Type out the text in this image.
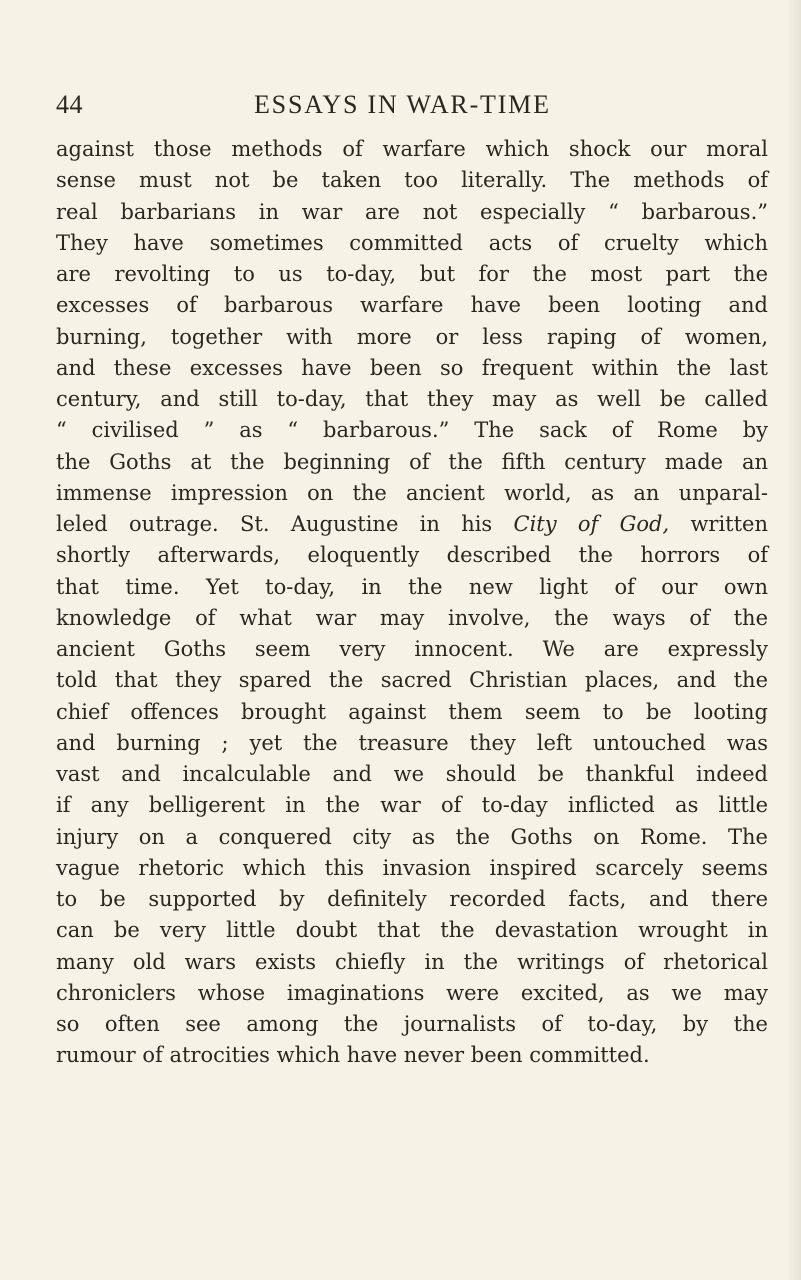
44	ESSAYS IN WAR-TIME
against those methods of warfare which shock our moral
sense must not be taken too literally. The methods of
real barbarians in war are not especially “ barbarous.”
They have sometimes committed acts of cruelty which
are revolting to us to-day, but for the most part the
excesses of barbarous warfare have been looting and
burning, together with more or less raping of women,
and these excesses have been so frequent within the last
century, and still to-day, that they may as well be called
“ civilised ” as “ barbarous.” The sack of Rome by
the Goths at the beginning of the fifth century made an
immense impression on the ancient world, as an unparal-
leled outrage. St. Augustine in his City of God, written
shortly afterwards, eloquently described the horrors of
that time. Yet to-day, in the new light of our own
knowledge of what war may involve, the ways of the
ancient Goths seem very innocent. We are expressly
told that they spared the sacred Christian places, and the
chief offences brought against them seem to be looting
and burning ; yet the treasure they left untouched was
vast and incalculable and we should be thankful indeed
if any belligerent in the war of to-day inflicted as little
injury on a conquered city as the Goths on Rome. The
vague rhetoric which this invasion inspired scarcely seems
to be supported by definitely recorded facts, and there
can be very little doubt that the devastation wrought in
many old wars exists chiefly in the writings of rhetorical
chroniclers whose imaginations were excited, as we may
so often see among the journalists of to-day, by the
rumour of atrocities which have never been committed.
